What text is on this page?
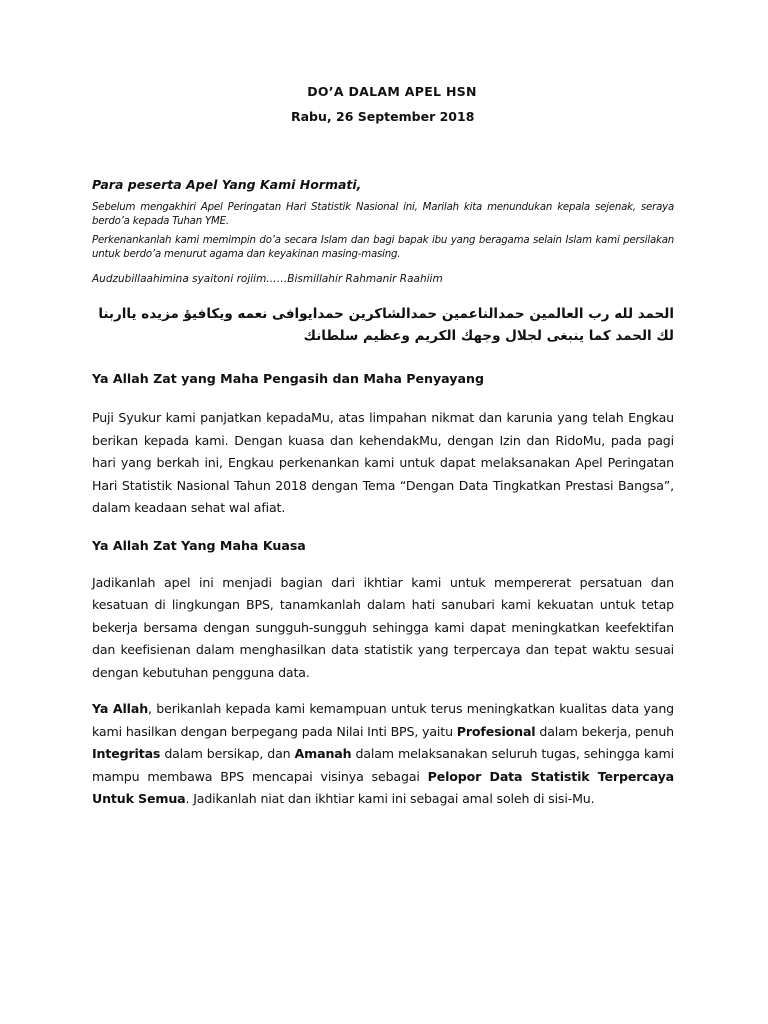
DO’A DALAM APEL HSN
Rabu, 26 September 2018
Para peserta Apel Yang Kami Hormati,

Sebelum mengakhiri Apel Peringatan Hari Statistik Nasional ini, Marilah kita menundukan kepala sejenak, seraya berdo’a kepada Tuhan YME.

Perkenankanlah kami memimpin do’a secara Islam dan bagi bapak ibu yang beragama selain Islam kami persilakan untuk berdo’a menurut agama dan keyakinan masing-masing.

Audzubillaahimina syaitoni rojiim……Bismillahir Rahmanir Raahiim
الحمد لله رب العالمين حمدالناعمين حمدالشاكرين حمدايوافى نعمه ويكافيؤ مزيده يااربنا
لك الحمد كما ينبغى لجلال وجهك الكريم وعظيم سلطانك
Ya Allah Zat yang Maha Pengasih dan Maha Penyayang

Puji Syukur kami panjatkan kepadaMu, atas limpahan nikmat dan karunia yang telah Engkau berikan kepada kami. Dengan kuasa dan kehendakMu, dengan Izin dan RidoMu, pada pagi hari yang berkah ini, Engkau perkenankan kami untuk dapat melaksanakan Apel Peringatan Hari Statistik Nasional Tahun 2018 dengan Tema “Dengan Data Tingkatkan Prestasi Bangsa”, dalam keadaan sehat wal afiat.

Ya Allah Zat Yang Maha Kuasa

Jadikanlah apel ini menjadi bagian dari ikhtiar kami untuk mempererat persatuan dan kesatuan di lingkungan BPS, tanamkanlah dalam hati sanubari kami kekuatan untuk tetap bekerja bersama dengan sungguh-sungguh sehingga kami dapat meningkatkan keefektifan dan keefisienan dalam menghasilkan data statistik yang terpercaya dan tepat waktu sesuai dengan kebutuhan pengguna data.

Ya Allah, berikanlah kepada kami kemampuan untuk terus meningkatkan kualitas data yang kami hasilkan dengan berpegang pada Nilai Inti BPS, yaitu Profesional dalam bekerja, penuh Integritas dalam bersikap, dan Amanah dalam melaksanakan seluruh tugas, sehingga kami mampu membawa BPS mencapai visinya sebagai Pelopor Data Statistik Terpercaya Untuk Semua. Jadikanlah niat dan ikhtiar kami ini sebagai amal soleh di sisi-Mu.
